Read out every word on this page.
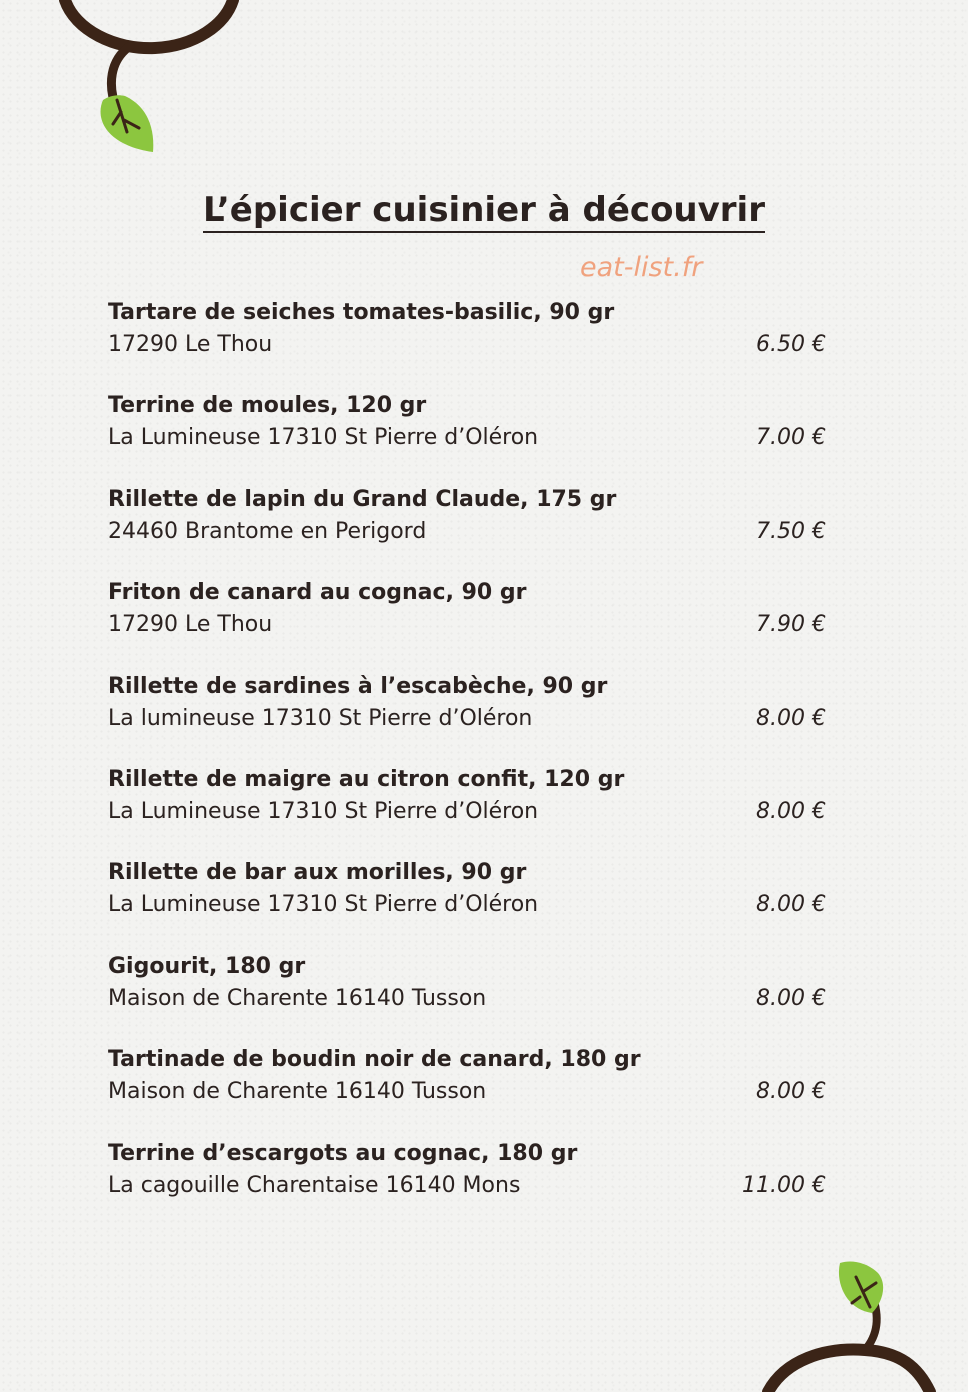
L’épicier cuisinier à découvrir
eat-list.fr
Tartare de seiches tomates-basilic, 90 gr
17290 Le Thou	6.50 €
Terrine de moules, 120 gr
La Lumineuse 17310 St Pierre d’Oléron	7.00 €
Rillette de lapin du Grand Claude, 175 gr
24460 Brantome en Perigord	7.50 €
Friton de canard au cognac, 90 gr
17290 Le Thou	7.90 €
Rillette de sardines à l’escabèche, 90 gr
La lumineuse 17310 St Pierre d’Oléron	8.00 €
Rillette de maigre au citron confit, 120 gr
La Lumineuse 17310 St Pierre d’Oléron	8.00 €
Rillette de bar aux morilles, 90 gr
La Lumineuse 17310 St Pierre d’Oléron	8.00 €
Gigourit, 180 gr
Maison de Charente 16140 Tusson	8.00 €
Tartinade de boudin noir de canard, 180 gr
Maison de Charente 16140 Tusson	8.00 €
Terrine d’escargots au cognac, 180 gr
La cagouille Charentaise 16140 Mons	11.00 €
